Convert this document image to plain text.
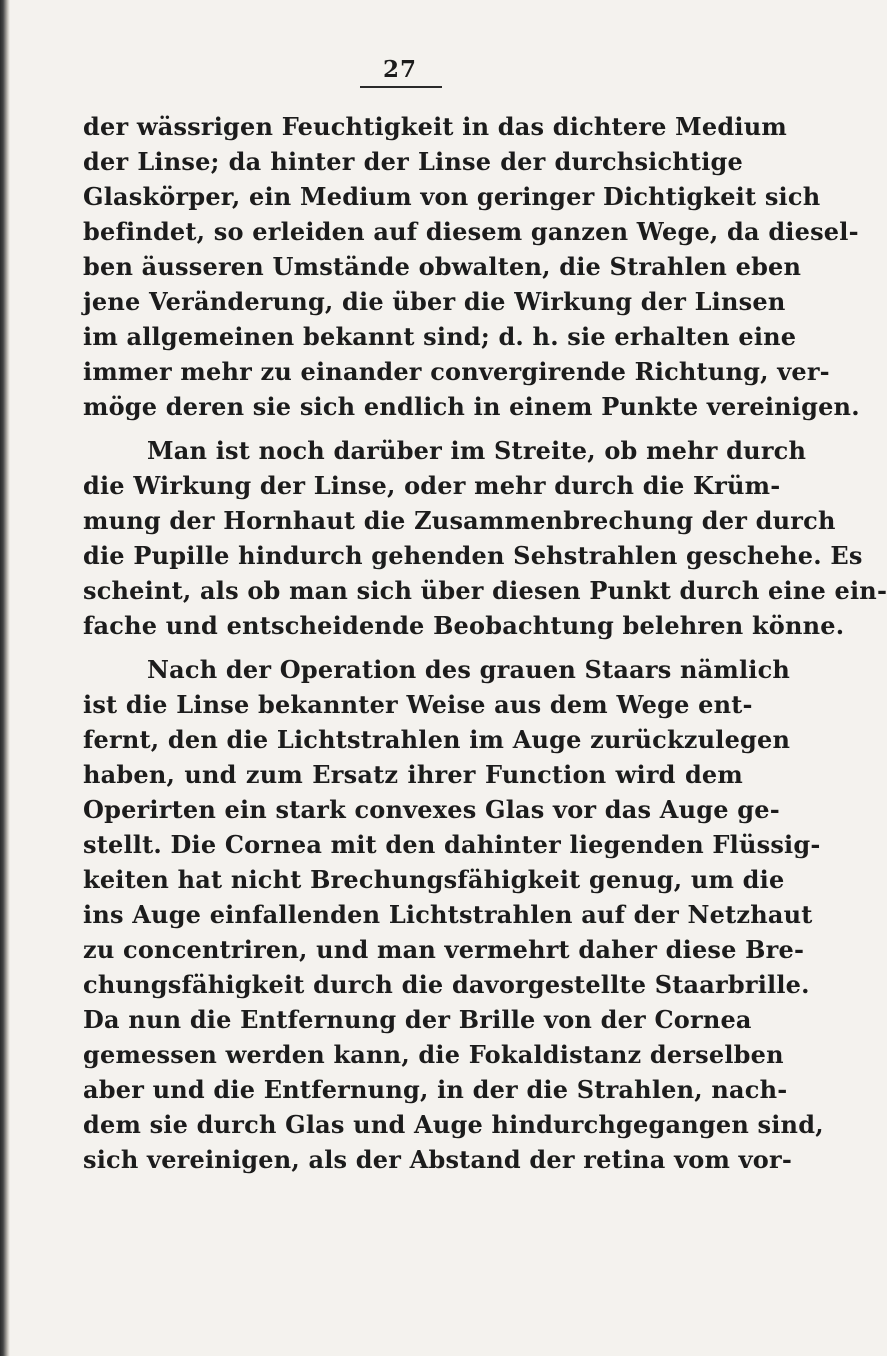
27
der wässrigen Feuchtigkeit in das dichtere Medium
der Linse; da hinter der Linse der durchsichtige
Glaskörper, ein Medium von geringer Dichtigkeit sich
befindet, so erleiden auf diesem ganzen Wege, da diesel-
ben äusseren Umstände obwalten, die Strahlen eben
jene Veränderung, die über die Wirkung der Linsen
im allgemeinen bekannt sind; d. h. sie erhalten eine
immer mehr zu einander convergirende Richtung, ver-
möge deren sie sich endlich in einem Punkte vereinigen.
Man ist noch darüber im Streite, ob mehr durch
die Wirkung der Linse, oder mehr durch die Krüm-
mung der Hornhaut die Zusammenbrechung der durch
die Pupille hindurch gehenden Sehstrahlen geschehe. Es
scheint, als ob man sich über diesen Punkt durch eine ein-
fache und entscheidende Beobachtung belehren könne.
Nach der Operation des grauen Staars nämlich
ist die Linse bekannter Weise aus dem Wege ent-
fernt, den die Lichtstrahlen im Auge zurückzulegen
haben, und zum Ersatz ihrer Function wird dem
Operirten ein stark convexes Glas vor das Auge ge-
stellt. Die Cornea mit den dahinter liegenden Flüssig-
keiten hat nicht Brechungsfähigkeit genug, um die
ins Auge einfallenden Lichtstrahlen auf der Netzhaut
zu concentriren, und man vermehrt daher diese Bre-
chungsfähigkeit durch die davorgestellte Staarbrille.
Da nun die Entfernung der Brille von der Cornea
gemessen werden kann, die Fokaldistanz derselben
aber und die Entfernung, in der die Strahlen, nach-
dem sie durch Glas und Auge hindurchgegangen sind,
sich vereinigen, als der Abstand der retina vom vor-
